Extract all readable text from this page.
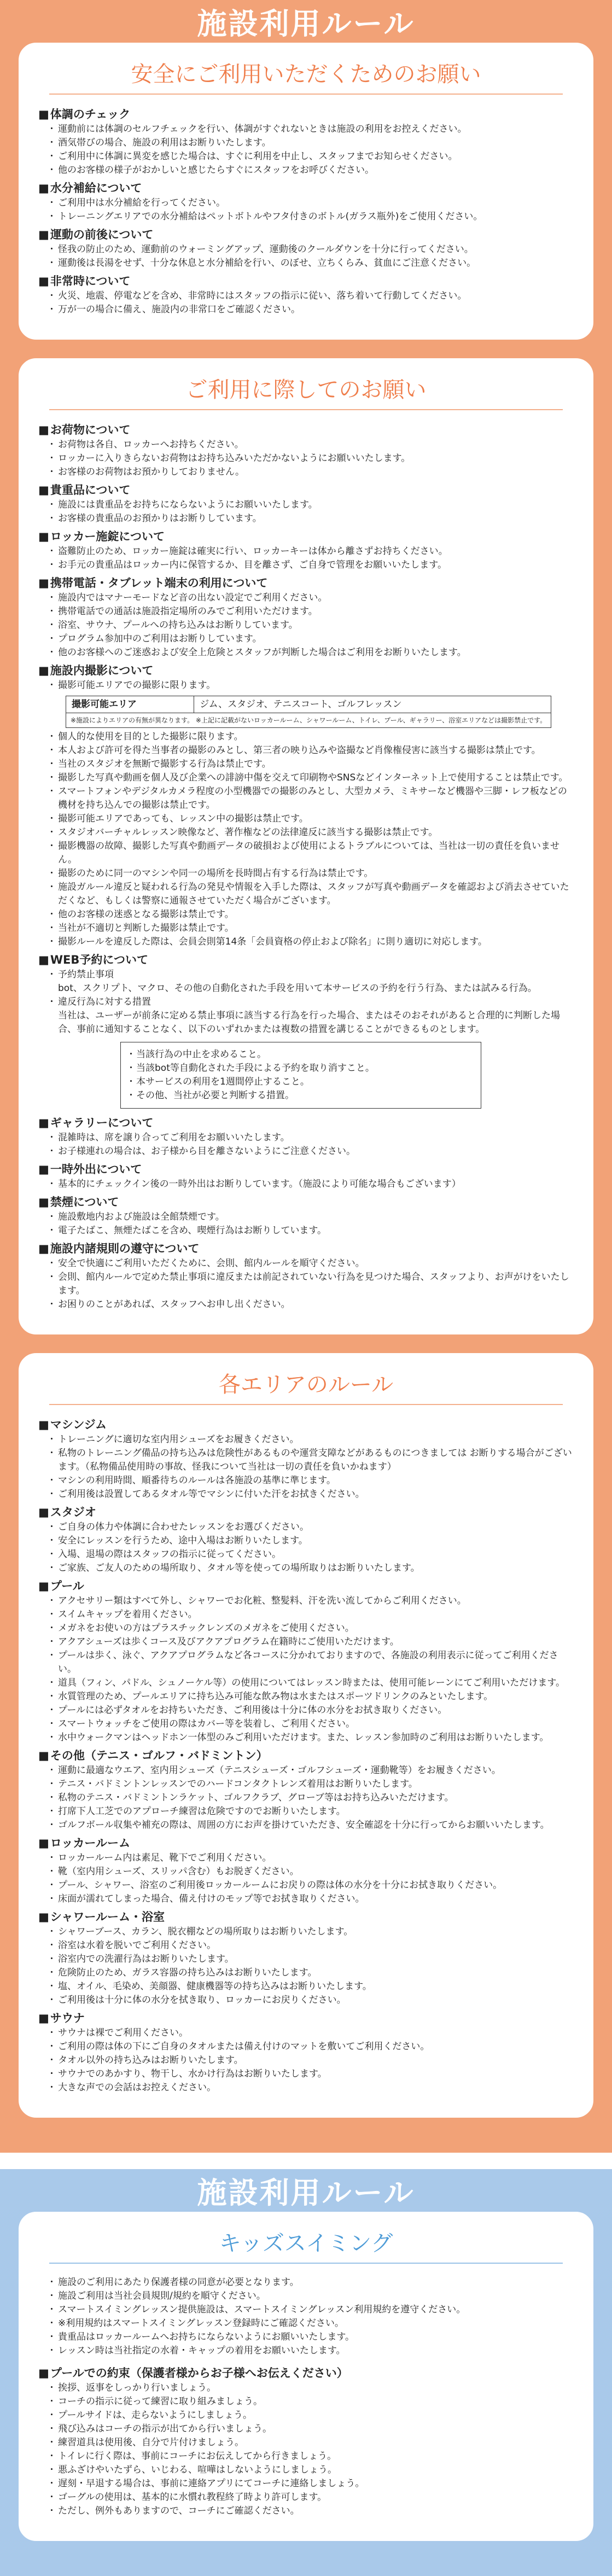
施設利用ルール
安全にご利用いただくためのお願い
■ 体調のチェック
・ 運動前には体調のセルフチェックを行い、体調がすぐれないときは施設の利用をお控えください。
・ 酒気帯びの場合、施設の利用はお断りいたします。
・ ご利用中に体調に異変を感じた場合は、すぐに利用を中止し、スタッフまでお知らせください。
・ 他のお客様の様子がおかしいと感じたらすぐにスタッフをお呼びください。
■ 水分補給について
・ ご利用中は水分補給を行ってください。
・ トレーニングエリアでの水分補給はペットボトルやフタ付きのボトル(ガラス瓶外)をご使用ください。
■ 運動の前後について
・ 怪我の防止のため、運動前のウォーミングアップ、運動後のクールダウンを十分に行ってください。
・ 運動後は長湯をせず、十分な休息と水分補給を行い、のぼせ、立ちくらみ、貧血にご注意ください。
■ 非常時について
・ 火災、地震、停電などを含め、非常時にはスタッフの指示に従い、落ち着いて行動してください。
・ 万が一の場合に備え、施設内の非常口をご確認ください。
ご利用に際してのお願い
■ お荷物について
・ お荷物は各自、ロッカーへお持ちください。
・ ロッカーに入りきらないお荷物はお持ち込みいただかないようにお願いいたします。
・ お客様のお荷物はお預かりしておりません。
■ 貴重品について
・ 施設には貴重品をお持ちにならないようにお願いいたします。
・ お客様の貴重品のお預かりはお断りしています。
■ ロッカー施錠について
・ 盗難防止のため、ロッカー施錠は確実に行い、ロッカーキーは体から離さずお持ちください。
・ お手元の貴重品はロッカー内に保管するか、目を離さず、ご自身で管理をお願いいたします。
■ 携帯電話・タブレット端末の利用について
・ 施設内ではマナーモードなど音の出ない設定でご利用ください。
・ 携帯電話での通話は施設指定場所のみでご利用いただけます。
・ 浴室、サウナ、プールへの持ち込みはお断りしています。
・ プログラム参加中のご利用はお断りしています。
・ 他のお客様へのご迷惑および安全上危険とスタッフが判断した場合はご利用をお断りいたします。
■ 施設内撮影について
・ 撮影可能エリアでの撮影に限ります。
撮影可能エリア	ジム、スタジオ、テニスコート、ゴルフレッスン
※施設によりエリアの有無が異なります。 ※上記に記載がないロッカールーム、シャワールーム、トイレ、プール、ギャラリー、浴室エリアなどは撮影禁止です。
・ 個人的な使用を目的とした撮影に限ります。
・ 本人および許可を得た当事者の撮影のみとし、第三者の映り込みや盗撮など肖像権侵害に該当する撮影は禁止です。
・ 当社のスタジオを無断で撮影する行為は禁止です。
・ 撮影した写真や動画を個人及び企業への誹謗中傷を交えて印刷物やSNSなどインターネット上で使用することは禁止です。
・ スマートフォンやデジタルカメラ程度の小型機器での撮影のみとし、大型カメラ、ミキサーなど機器や三脚・レフ板などの機材を持ち込んでの撮影は禁止です。
・ 撮影可能エリアであっても、レッスン中の撮影は禁止です。
・ スタジオバーチャルレッスン映像など、著作権などの法律違反に該当する撮影は禁止です。
・ 撮影機器の故障、撮影した写真や動画データの破損および使用によるトラブルについては、当社は一切の責任を負いません。
・ 撮影のために同一のマシンや同一の場所を長時間占有する行為は禁止です。
・ 施設ガルール違反と疑われる行為の発見や情報を入手した際は、スタッフが写真や動画データを確認および消去させていただくなど、もしくは警察に通報させていただく場合がございます。
・ 他のお客様の迷惑となる撮影は禁止です。
・ 当社が不適切と判断した撮影は禁止です。
・ 撮影ルールを違反した際は、会員会則第14条「会員資格の停止および除名」に則り適切に対応します。
■ WEB予約について
・ 予約禁止事項
bot、スクリプト、マクロ、その他の自動化された手段を用いて本サービスの予約を行う行為、または試みる行為。
・ 違反行為に対する措置
当社は、ユーザーが前条に定める禁止事項に該当する行為を行った場合、またはそのおそれがあると合理的に判断した場合、事前に通知することなく、以下のいずれかまたは複数の措置を講じることができるものとします。
・ 当該行為の中止を求めること。
・ 当該bot等自動化された手段による予約を取り消すこと。
・ 本サービスの利用を1週間停止すること。
・ その他、当社が必要と判断する措置。
■ ギャラリーについて
・ 混雑時は、席を譲り合ってご利用をお願いいたします。
・ お子様連れの場合は、お子様から目を離さないようにご注意ください。
■ 一時外出について
・ 基本的にチェックイン後の一時外出はお断りしています。（施設により可能な場合もございます）
■ 禁煙について
・ 施設敷地内および施設は全館禁煙です。
・ 電子たばこ、無煙たばこを含め、喫煙行為はお断りしています。
■ 施設内諸規則の遵守について
・ 安全で快適にご利用いただくために、会則、館内ルールを順守ください。
・ 会則、館内ルールで定めた禁止事項に違反または前記されていない行為を見つけた場合、スタッフより、お声がけをいたします。
・ お困りのことがあれば、スタッフへお申し出ください。
各エリアのルール
■ マシンジム
・ トレーニングに適切な室内用シューズをお履きください。
・ 私物のトレーニング備品の持ち込みは危険性があるものや運営支障などがあるものにつきましては お断りする場合がございます。（私物備品使用時の事故、怪我について当社は一切の責任を負いかねます）
・ マシンの利用時間、順番待ちのルールは各施設の基準に準じます。
・ ご利用後は設置してあるタオル等でマシンに付いた汗をお拭きください。
■ スタジオ
・ ご自身の体力や体調に合わせたレッスンをお選びください。
・ 安全にレッスンを行うため、途中入場はお断りいたします。
・ 入場、退場の際はスタッフの指示に従ってください。
・ ご家族、ご友人のための場所取り、タオル等を使っての場所取りはお断りいたします。
■ プール
・ アクセサリー類はすべて外し、シャワーでお化粧、整髪料、汗を洗い流してからご利用ください。
・ スイムキャップを着用ください。
・ メガネをお使いの方はプラスチックレンズのメガネをご使用ください。
・ アクアシューズは歩くコース及びアクアプログラム在籍時にご使用いただけます。
・ プールは歩く、泳ぐ、アクアプログラムなど各コースに分かれておりますので、各施設の利用表示に従ってご利用ください。
・ 道具（フィン、パドル、シュノーケル等）の使用についてはレッスン時または、使用可能レーンにてご利用いただけます。
・ 水質管理のため、プールエリアに持ち込み可能な飲み物は水またはスポーツドリンクのみといたします。
・ プールには必ずタオルをお持ちいただき、ご利用後は十分に体の水分をお拭き取りください。
・ スマートウォッチをご使用の際はカバー等を装着し、ご利用ください。
・ 水中ウォークマンはヘッドホン一体型のみご利用いただけます。また、レッスン参加時のご利用はお断りいたします。
■ その他（テニス・ゴルフ・バドミントン）
・ 運動に最適なウエア、室内用シューズ（テニスシューズ・ゴルフシューズ・運動靴等）をお履きください。
・ テニス・バドミントンレッスンでのハードコンタクトレンズ着用はお断りいたします。
・ 私物のテニス・バドミントンラケット、ゴルフクラブ、グローブ等はお持ち込みいただけます。
・ 打席下人工芝でのアプローチ練習は危険ですのでお断りいたします。
・ ゴルフボール収集や補充の際は、周囲の方にお声を掛けていただき、安全確認を十分に行ってからお願いいたします。
■ ロッカールーム
・ ロッカールーム内は素足、靴下でご利用ください。
・ 靴（室内用シューズ、スリッパ含む）もお脱ぎください。
・ プール、シャワー、浴室のご利用後ロッカールームにお戻りの際は体の水分を十分にお拭き取りください。
・ 床面が濡れてしまった場合、備え付けのモップ等でお拭き取りください。
■ シャワールーム・浴室
・ シャワーブース、カラン、脱衣棚などの場所取りはお断りいたします。
・ 浴室は水着を脱いでご利用ください。
・ 浴室内での洗濯行為はお断りいたします。
・ 危険防止のため、ガラス容器の持ち込みはお断りいたします。
・ 塩、オイル、毛染め、美顔器、健康機器等の持ち込みはお断りいたします。
・ ご利用後は十分に体の水分を拭き取り、ロッカーにお戻りください。
■ サウナ
・ サウナは裸でご利用ください。
・ ご利用の際は体の下にご自身のタオルまたは備え付けのマットを敷いてご利用ください。
・ タオル以外の持ち込みはお断りいたします。
・ サウナでのあかすり、物干し、水かけ行為はお断りいたします。
・ 大きな声での会話はお控えください。
施設利用ルール
キッズスイミング
・ 施設のご利用にあたり保護者様の同意が必要となります。
・ 施設ご利用は当社会員規則/規約を順守ください。
・ スマートスイミングレッスン提供施設は、スマートスイミングレッスン利用規約を遵守ください。
・ ※利用規約はスマートスイミングレッスン登録時にご確認ください。
・ 貴重品はロッカールームへお持ちにならないようにお願いいたします。
・ レッスン時は当社指定の水着・キャップの着用をお願いいたします。
■ プールでの約束（保護者様からお子様へお伝えください）
・ 挨拶、返事をしっかり行いましょう。
・ コーチの指示に従って練習に取り組みましょう。
・ プールサイドは、走らないようにしましょう。
・ 飛び込みはコーチの指示が出てから行いましょう。
・ 練習道具は使用後、自分で片付けましょう。
・ トイレに行く際は、事前にコーチにお伝えしてから行きましょう。
・ 悪ふざけやいたずら、いじわる、喧嘩はしないようにしましょう。
・ 遅刻・早退する場合は、事前に連絡アプリにてコーチに連絡しましょう。
・ ゴーグルの使用は、基本的に水慣れ教程終了時より許可します。
・ ただし、例外もありますので、コーチにご確認ください。
